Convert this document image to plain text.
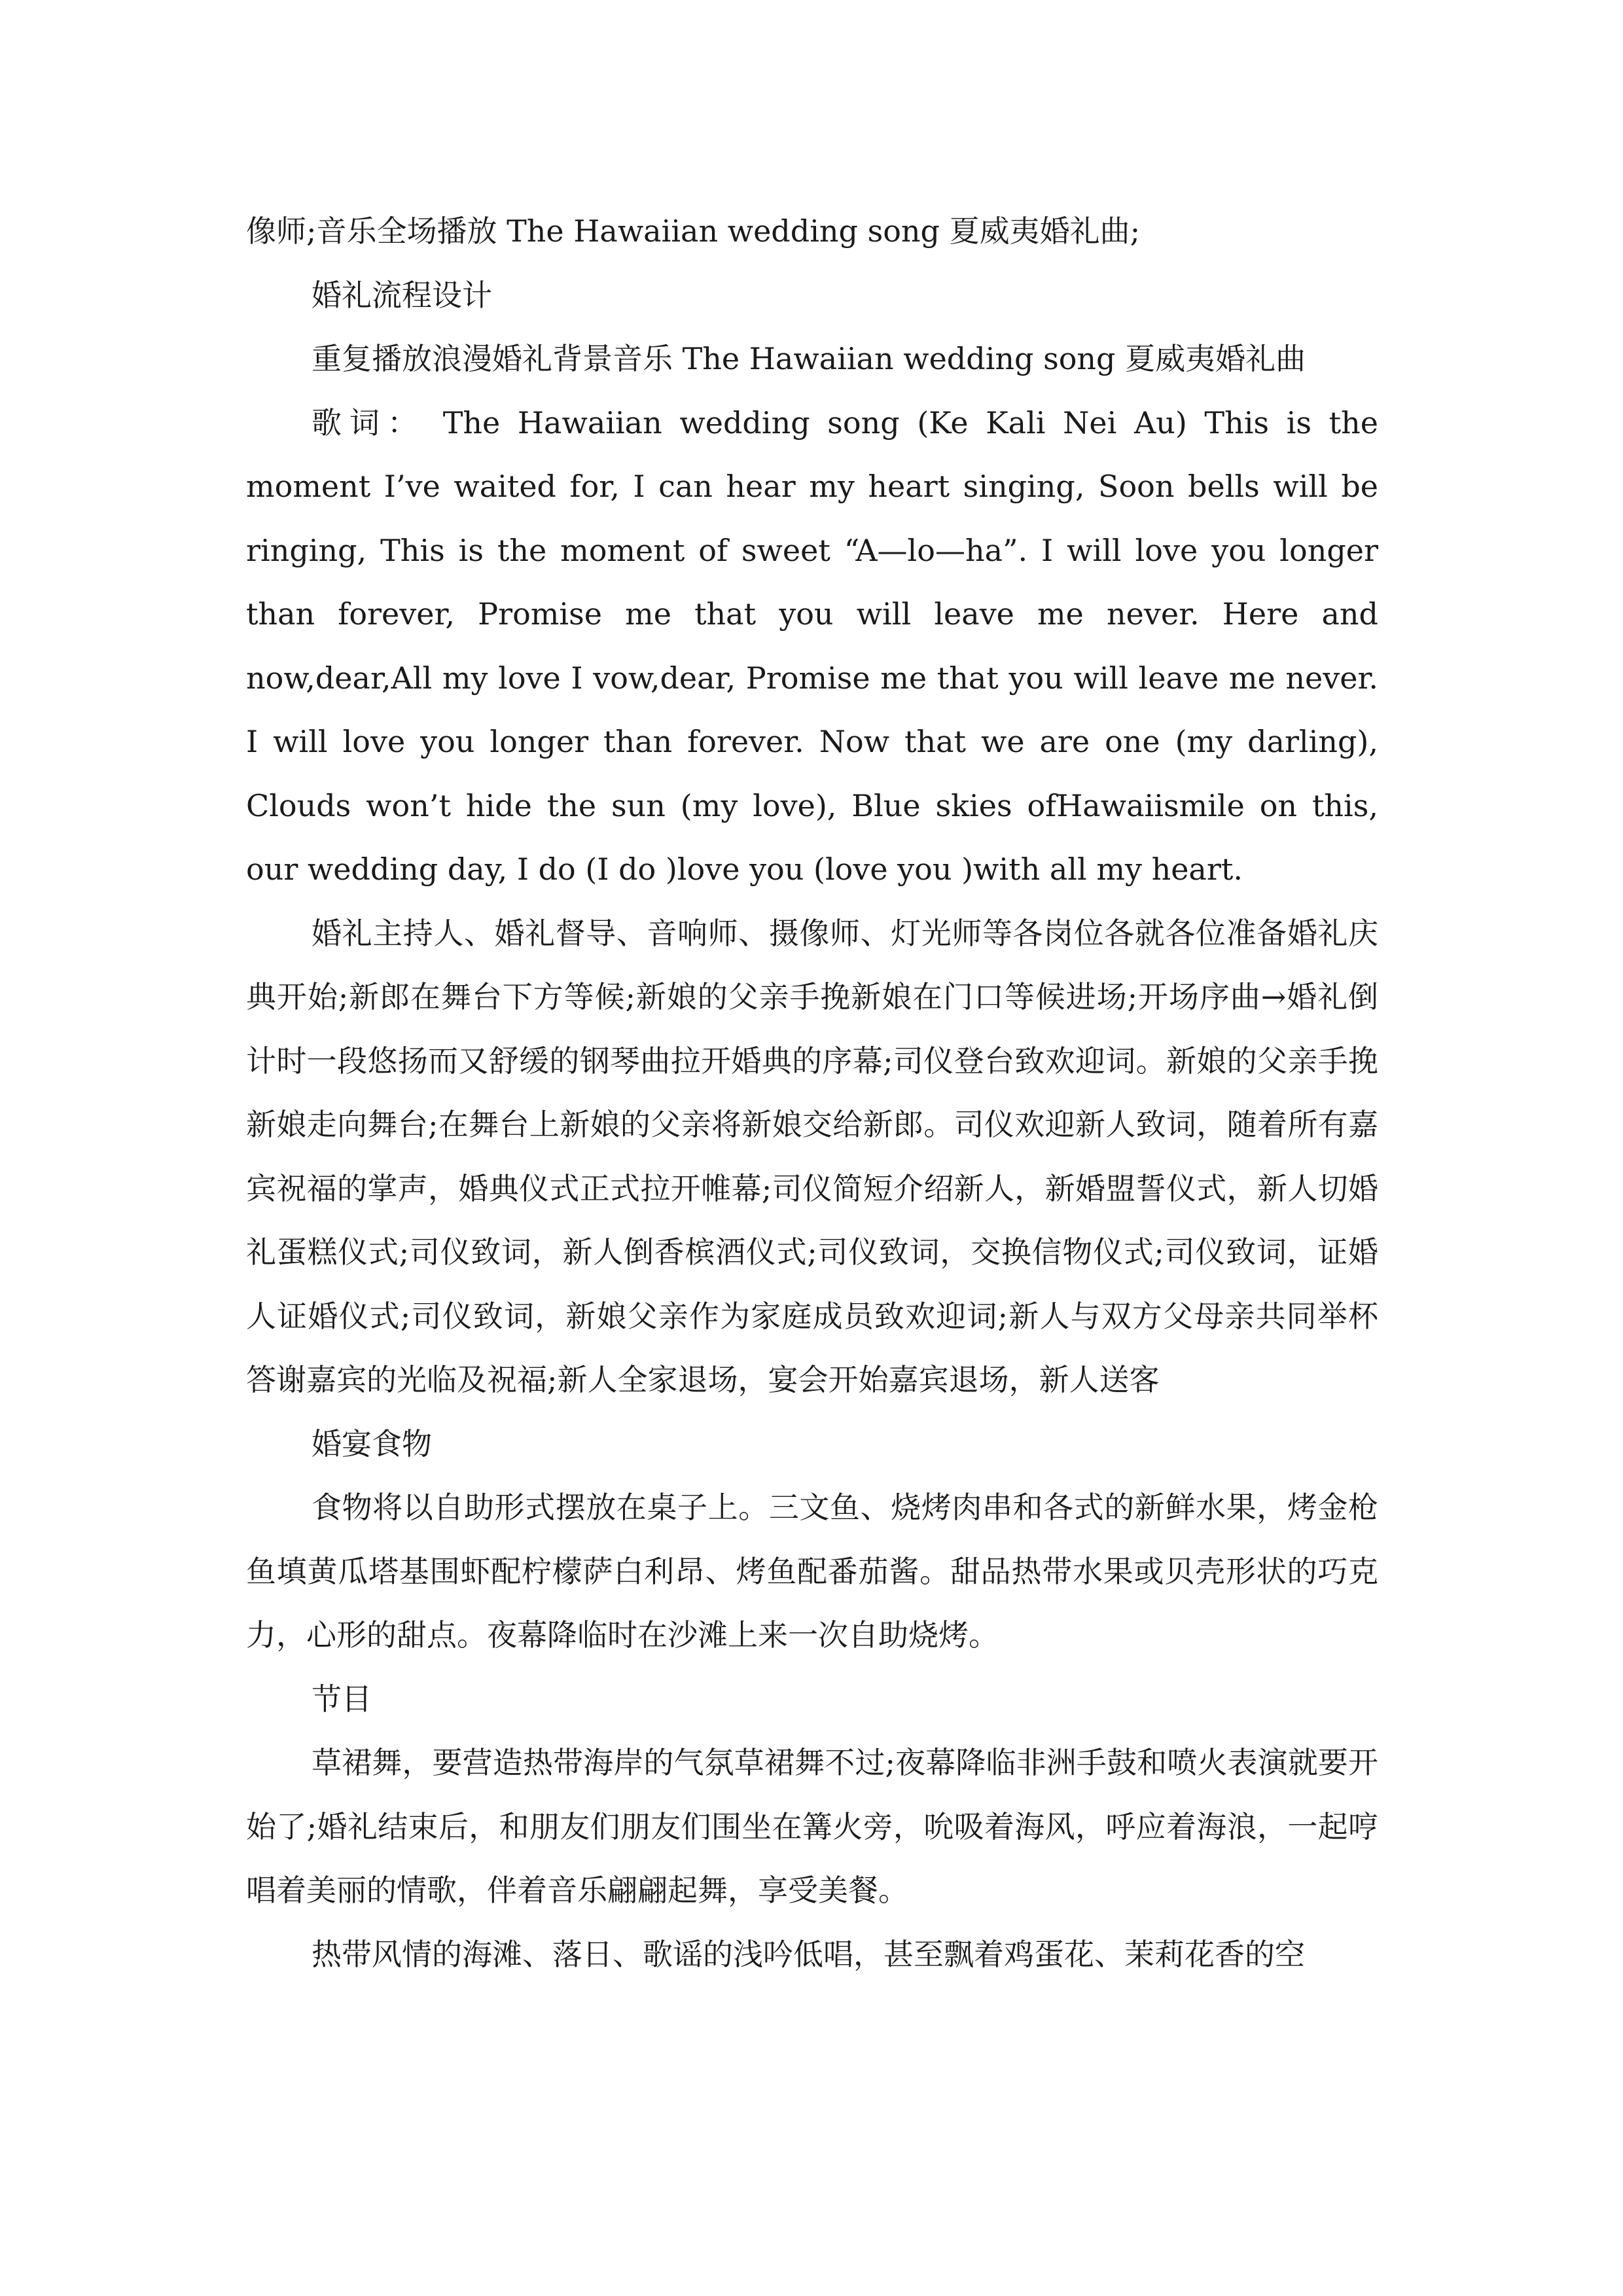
像师;音乐全场播放 The Hawaiian wedding song 夏威夷婚礼曲;

婚礼流程设计

重复播放浪漫婚礼背景音乐 The Hawaiian wedding song 夏威夷婚礼曲

歌词： The Hawaiian wedding song (Ke Kali Nei Au) This is the moment I’ve waited for, I can hear my heart singing, Soon bells will be ringing, This is the moment of sweet “A—lo—ha”. I will love you longer than forever, Promise me that you will leave me never. Here and now,dear,All my love I vow,dear, Promise me that you will leave me never. I will love you longer than forever. Now that we are one (my darling), Clouds won’t hide the sun (my love), Blue skies ofHawaiismile on this, our wedding day, I do (I do )love you (love you )with all my heart.

婚礼主持人、婚礼督导、音响师、摄像师、灯光师等各岗位各就各位准备婚礼庆典开始;新郎在舞台下方等候;新娘的父亲手挽新娘在门口等候进场;开场序曲→婚礼倒计时一段悠扬而又舒缓的钢琴曲拉开婚典的序幕;司仪登台致欢迎词。新娘的父亲手挽新娘走向舞台;在舞台上新娘的父亲将新娘交给新郎。司仪欢迎新人致词，随着所有嘉宾祝福的掌声，婚典仪式正式拉开帷幕;司仪简短介绍新人，新婚盟誓仪式，新人切婚礼蛋糕仪式;司仪致词，新人倒香槟酒仪式;司仪致词，交换信物仪式;司仪致词，证婚人证婚仪式;司仪致词，新娘父亲作为家庭成员致欢迎词;新人与双方父母亲共同举杯答谢嘉宾的光临及祝福;新人全家退场，宴会开始嘉宾退场，新人送客

婚宴食物

食物将以自助形式摆放在桌子上。三文鱼、烧烤肉串和各式的新鲜水果，烤金枪鱼填黄瓜塔基围虾配柠檬萨白利昂、烤鱼配番茄酱。甜品热带水果或贝壳形状的巧克力，心形的甜点。夜幕降临时在沙滩上来一次自助烧烤。

节目

草裙舞，要营造热带海岸的气氛草裙舞不过;夜幕降临非洲手鼓和喷火表演就要开始了;婚礼结束后，和朋友们朋友们围坐在篝火旁，吮吸着海风，呼应着海浪，一起哼唱着美丽的情歌，伴着音乐翩翩起舞，享受美餐。

热带风情的海滩、落日、歌谣的浅吟低唱，甚至飘着鸡蛋花、茉莉花香的空
